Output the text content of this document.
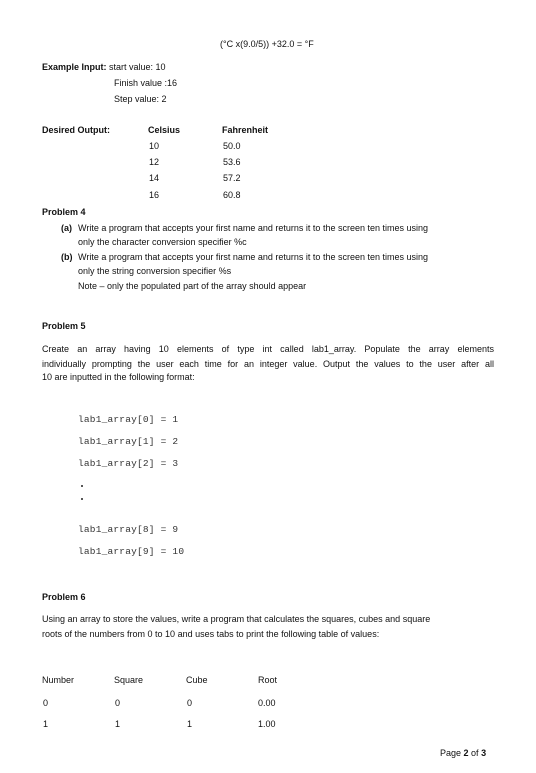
(°C x(9.0/5)) +32.0 = °F
Example Input: start value: 10
Finish value :16
Step value: 2
Desired Output:	Celsius	Fahrenheit
10	50.0
12	53.6
14	57.2
16	60.8
Problem 4
(a) Write a program that accepts your first name and returns it to the screen ten times using
only the character conversion specifier %c
(b) Write a program that accepts your first name and returns it to the screen ten times using
only the string conversion specifier %s
Note – only the populated part of the array should appear
Problem 5
Create an array having 10 elements of type int called lab1_array. Populate the array elements
individually prompting the user each time for an integer value. Output the values to the user after all
10 are inputted in the following format:
lab1_array[0] = 1
lab1_array[1] = 2
lab1_array[2] = 3
lab1_array[8] = 9
lab1_array[9] = 10
Problem 6
Using an array to store the values, write a program that calculates the squares, cubes and square
roots of the numbers from 0 to 10 and uses tabs to print the following table of values:
Number	Square	Cube	Root
0	0	0	0.00
1	1	1	1.00
Page 2 of 3
